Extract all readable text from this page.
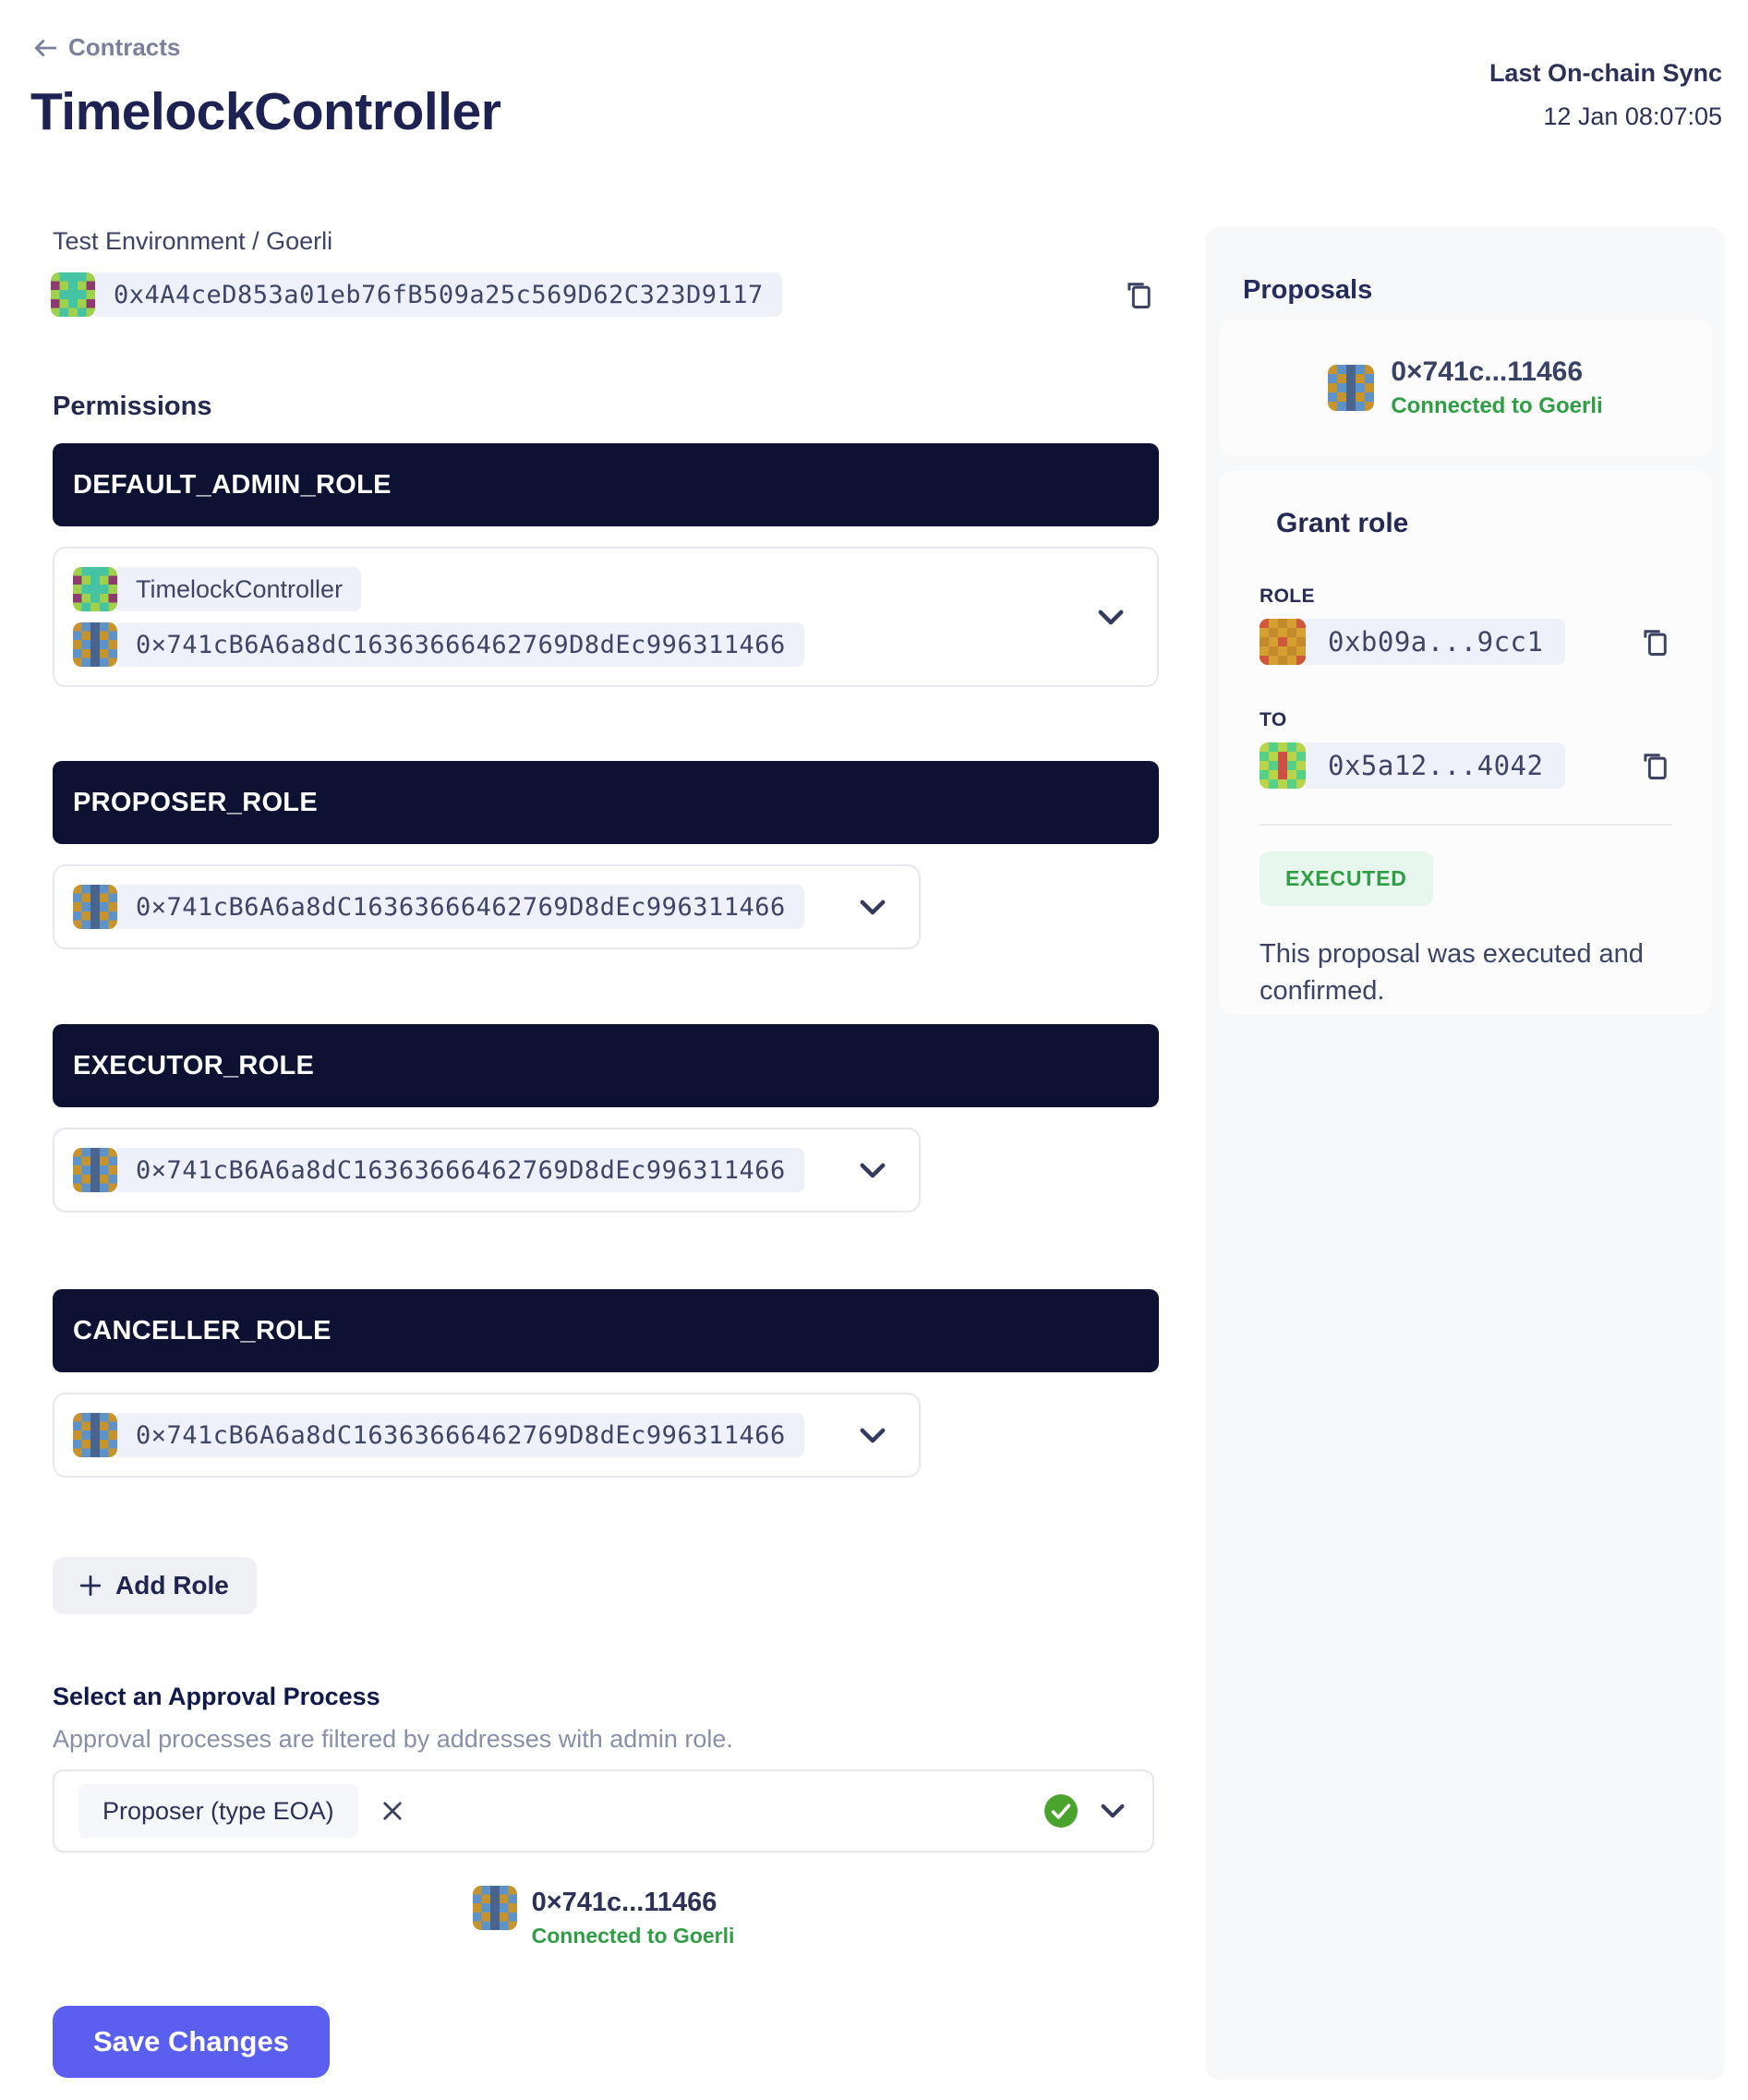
Contracts
TimelockController
Last On-chain Sync
12 Jan 08:07:05
Test Environment / Goerli
0x4A4ceD853a01eb76fB509a25c569D62C323D9117
Permissions
DEFAULT_ADMIN_ROLE
TimelockController
0×741cB6A6a8dC16363666462769D8dEc996311466
PROPOSER_ROLE
0×741cB6A6a8dC16363666462769D8dEc996311466
EXECUTOR_ROLE
0×741cB6A6a8dC16363666462769D8dEc996311466
CANCELLER_ROLE
0×741cB6A6a8dC16363666462769D8dEc996311466
Add Role
Select an Approval Process
Approval processes are filtered by addresses with admin role.
Proposer (type EOA)
0×741c...11466
Connected to Goerli
Save Changes
Proposals
0×741c...11466
Connected to Goerli
Grant role
ROLE
0xb09a...9cc1
TO
0x5a12...4042
EXECUTED
This proposal was executed and confirmed.
